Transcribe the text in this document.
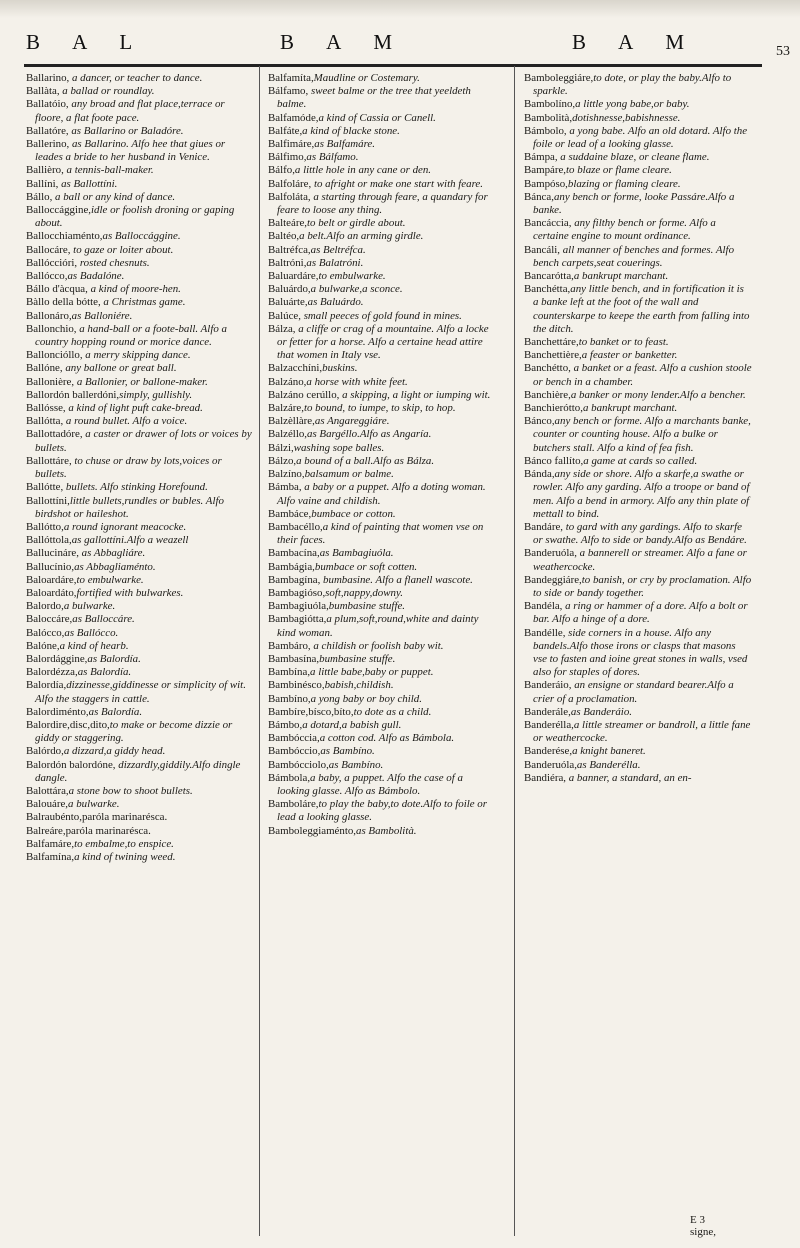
B A L	B A M	B A M	53

Ballarino, a dancer, or teacher to dance.

Ballàta, a ballad or roundlay.

Ballatóio, any broad and flat place,terrace or floore, a flat foote pace.

Ballatóre, as Ballarino or Baladóre.

Ballerino, as Ballarino. Alfo hee that giues or leades a bride to her husband in Venice.

Ballièro, a tennis-ball-maker.

Ballíni, as Ballottíni.

Bállo, a ball or any kind of dance.

Balloccággine,idle or foolish droning or gaping about.

Ballocchiaménto,as Balloccággine.

Ballocáre, to gaze or loiter about.

Ballóccióri, rosted chesnuts.

Ballócco,as Badalóne.

Bállo d'àcqua, a kind of moore-hen.

Bàllo della bótte, a Christmas game.

Ballonáro,as Balloniére.

Ballonchio, a hand-ball or a foote-ball. Alfo a country hopping round or morice dance.

Balloncióllo, a merry skipping dance.

Ballóne, any ballone or great ball.

Ballonière, a Ballonier, or ballone-maker.

Ballordón ballerdóni,simply, gullishly.

Ballósse, a kind of light puft cake-bread.

Ballótta, a round bullet. Alfo a voice.

Ballottadóre, a caster or drawer of lots or voices by bullets.

Ballottáre, to chuse or draw by lots,voices or bullets.

Ballótte, bullets. Alfo stinking Horefound.

Ballottíni,little bullets,rundles or bubles. Alfo birdshot or haileshot.

Ballótto,a round ignorant meacocke.

Ballóttola,as gallottíni.Alfo a weazell

Ballucináre, as Abbagliáre.

Ballucínio,as Abbagliaménto.

Baloardáre,to embulwarke.

Baloardáto,fortified with bulwarkes.

Balordo,a bulwarke.

Baloccáre,as Balloccáre.

Balócco,as Ballócco.

Balóne,a kind of hearb.

Balordággine,as Balordía.

Balordézza,as Balordía.

Balordía,dizzinesse,giddinesse or simplicity of wit. Alfo the staggers in cattle.

Balordiménto,as Balordía.

Balordire,disc,dito,to make or become dizzie or giddy or staggering.

Balórdo,a dizzard,a giddy head.

Balordón balordóne, dizzardly,giddily.Alfo dingle dangle.

Balottára,a stone bow to shoot bullets.

Balouáre,a bulwarke.

Balraubénto,paróla marinarésca.

Balreáre,paróla marinarésca.

Balfamáre,to embalme,to enspice.

Balfamína,a kind of twining weed.

Balfamíta,Maudline or Costemary.

Bálfamo, sweet balme or the tree that yeeldeth balme.

Balfamóde,a kind of Cassia or Canell.

Balfáte,a kind of blacke stone.

Balfimáre,as Balfamáre.

Bálfimo,as Bálfamo.

Bálfo,a little hole in any cane or den.

Balfoláre, to afright or make one start with feare.

Balfoláta, a starting through feare, a quandary for feare to loose any thing.

Balteáre,to belt or girdle about.

Baltéo,a belt.Alfo an arming girdle.

Baltréfca,as Beltréfca.

Baltróni,as Balatróni.

Baluardáre,to embulwarke.

Baluárdo,a bulwarke,a sconce.

Baluárte,as Baluárdo.

Balúce, small peeces of gold found in mines.

Bálza, a cliffe or crag of a mountaine. Alfo a locke or fetter for a horse. Alfo a certaine head attire that women in Italy vse.

Balzacchíni,buskins.

Balzáno,a horse with white feet.

Balzáno cerúllo, a skipping, a light or iumping wit.

Balzáre,to bound, to iumpe, to skip, to hop.

Balzèllàre,as Angareggiáre.

Balzéllo,as Bargéllo.Alfo as Angaría.

Bálzi,washing sope balles.

Bálzo,a bound of a ball.Alfo as Bálza.

Balzíno,balsamum or balme.

Bámba, a baby or a puppet. Alfo a doting woman. Alfo vaine and childish.

Bambáce,bumbace or cotton.

Bambacéllo,a kind of painting that women vse on their faces.

Bambacína,as Bambagiuóla.

Bambágia,bumbace or soft cotten.

Bambagína, bumbasine. Alfo a flanell wascote.

Bambagióso,soft,nappy,downy.

Bambagiuóla,bumbasine stuffe.

Bambagiótta,a plum,soft,round,white and dainty kind woman.

Bambáro, a childish or foolish baby wit.

Bambasína,bumbasine stuffe.

Bambína,a little babe,baby or puppet.

Bambinésco,babish,childish.

Bambíno,a yong baby or boy child.

Bambíre,bísco,bíto,to dote as a child.

Bámbo,a dotard,a babish gull.

Bambóccia,a cotton cod. Alfo as Bámbola.

Bambóccio,as Bambíno.

Bambócciolo,as Bambíno.

Bámbola,a baby, a puppet. Alfo the case of a looking glasse. Alfo as Bámbolo.

Bamboláre,to play the baby,to dote.Alfo to foile or lead a looking glasse.

Bamboleggiaménto,as Bambolità.

Bamboleggiáre,to dote, or play the baby.Alfo to sparkle.

Bambolíno,a little yong babe,or baby.

Bambolità,dotishnesse,babishnesse.

Bámbolo, a yong babe. Alfo an old dotard. Alfo the foile or lead of a looking glasse.

Bámpa, a suddaine blaze, or cleane flame.

Bampáre,to blaze or flame cleare.

Bampóso,blazing or flaming cleare.

Bánca,any bench or forme, looke Passáre.Alfo a banke.

Bancáccia, any filthy bench or forme. Alfo a certaine engine to mount ordinance.

Bancáli, all manner of benches and formes. Alfo bench carpets,seat couerings.

Bancarótta,a bankrupt marchant.

Banchétta,any little bench, and in fortification it is a banke left at the foot of the wall and counterskarpe to keepe the earth from falling into the ditch.

Banchettáre,to banket or to feast.

Banchettière,a feaster or banketter.

Banchétto, a banket or a feast. Alfo a cushion stoole or bench in a chamber.

Banchière,a banker or mony lender.Alfo a bencher.

Banchierótto,a bankrupt marchant.

Bánco,any bench or forme. Alfo a marchants banke, counter or counting house. Alfo a bulke or butchers stall. Alfo a kind of fea fish.

Bánco fallíto,a game at cards so called.

Bánda,any side or shore. Alfo a skarfe,a swathe or rowler. Alfo any garding. Alfo a troope or band of men. Alfo a bend in armory. Alfo any thin plate of mettall to bind.

Bandáre, to gard with any gardings. Alfo to skarfe or swathe. Alfo to side or bandy.Alfo as Bendáre.

Banderuóla, a bannerell or streamer. Alfo a fane or weathercocke.

Bandeggiáre,to banish, or cry by proclamation. Alfo to side or bandy together.

Bandéla, a ring or hammer of a dore. Alfo a bolt or bar. Alfo a hinge of a dore.

Bandélle, side corners in a house. Alfo any bandels.Alfo those irons or clasps that masons vse to fasten and ioine great stones in walls, vsed also for staples of dores.

Banderáio, an ensigne or standard bearer.Alfo a crier of a proclamation.

Banderále,as Banderáio.

Banderélla,a little streamer or bandroll, a little fane or weathercocke.

Banderése,a knight baneret.

Banderuóla,as Banderélla.

Bandiéra, a banner, a standard, an en-

E 3 signe,
